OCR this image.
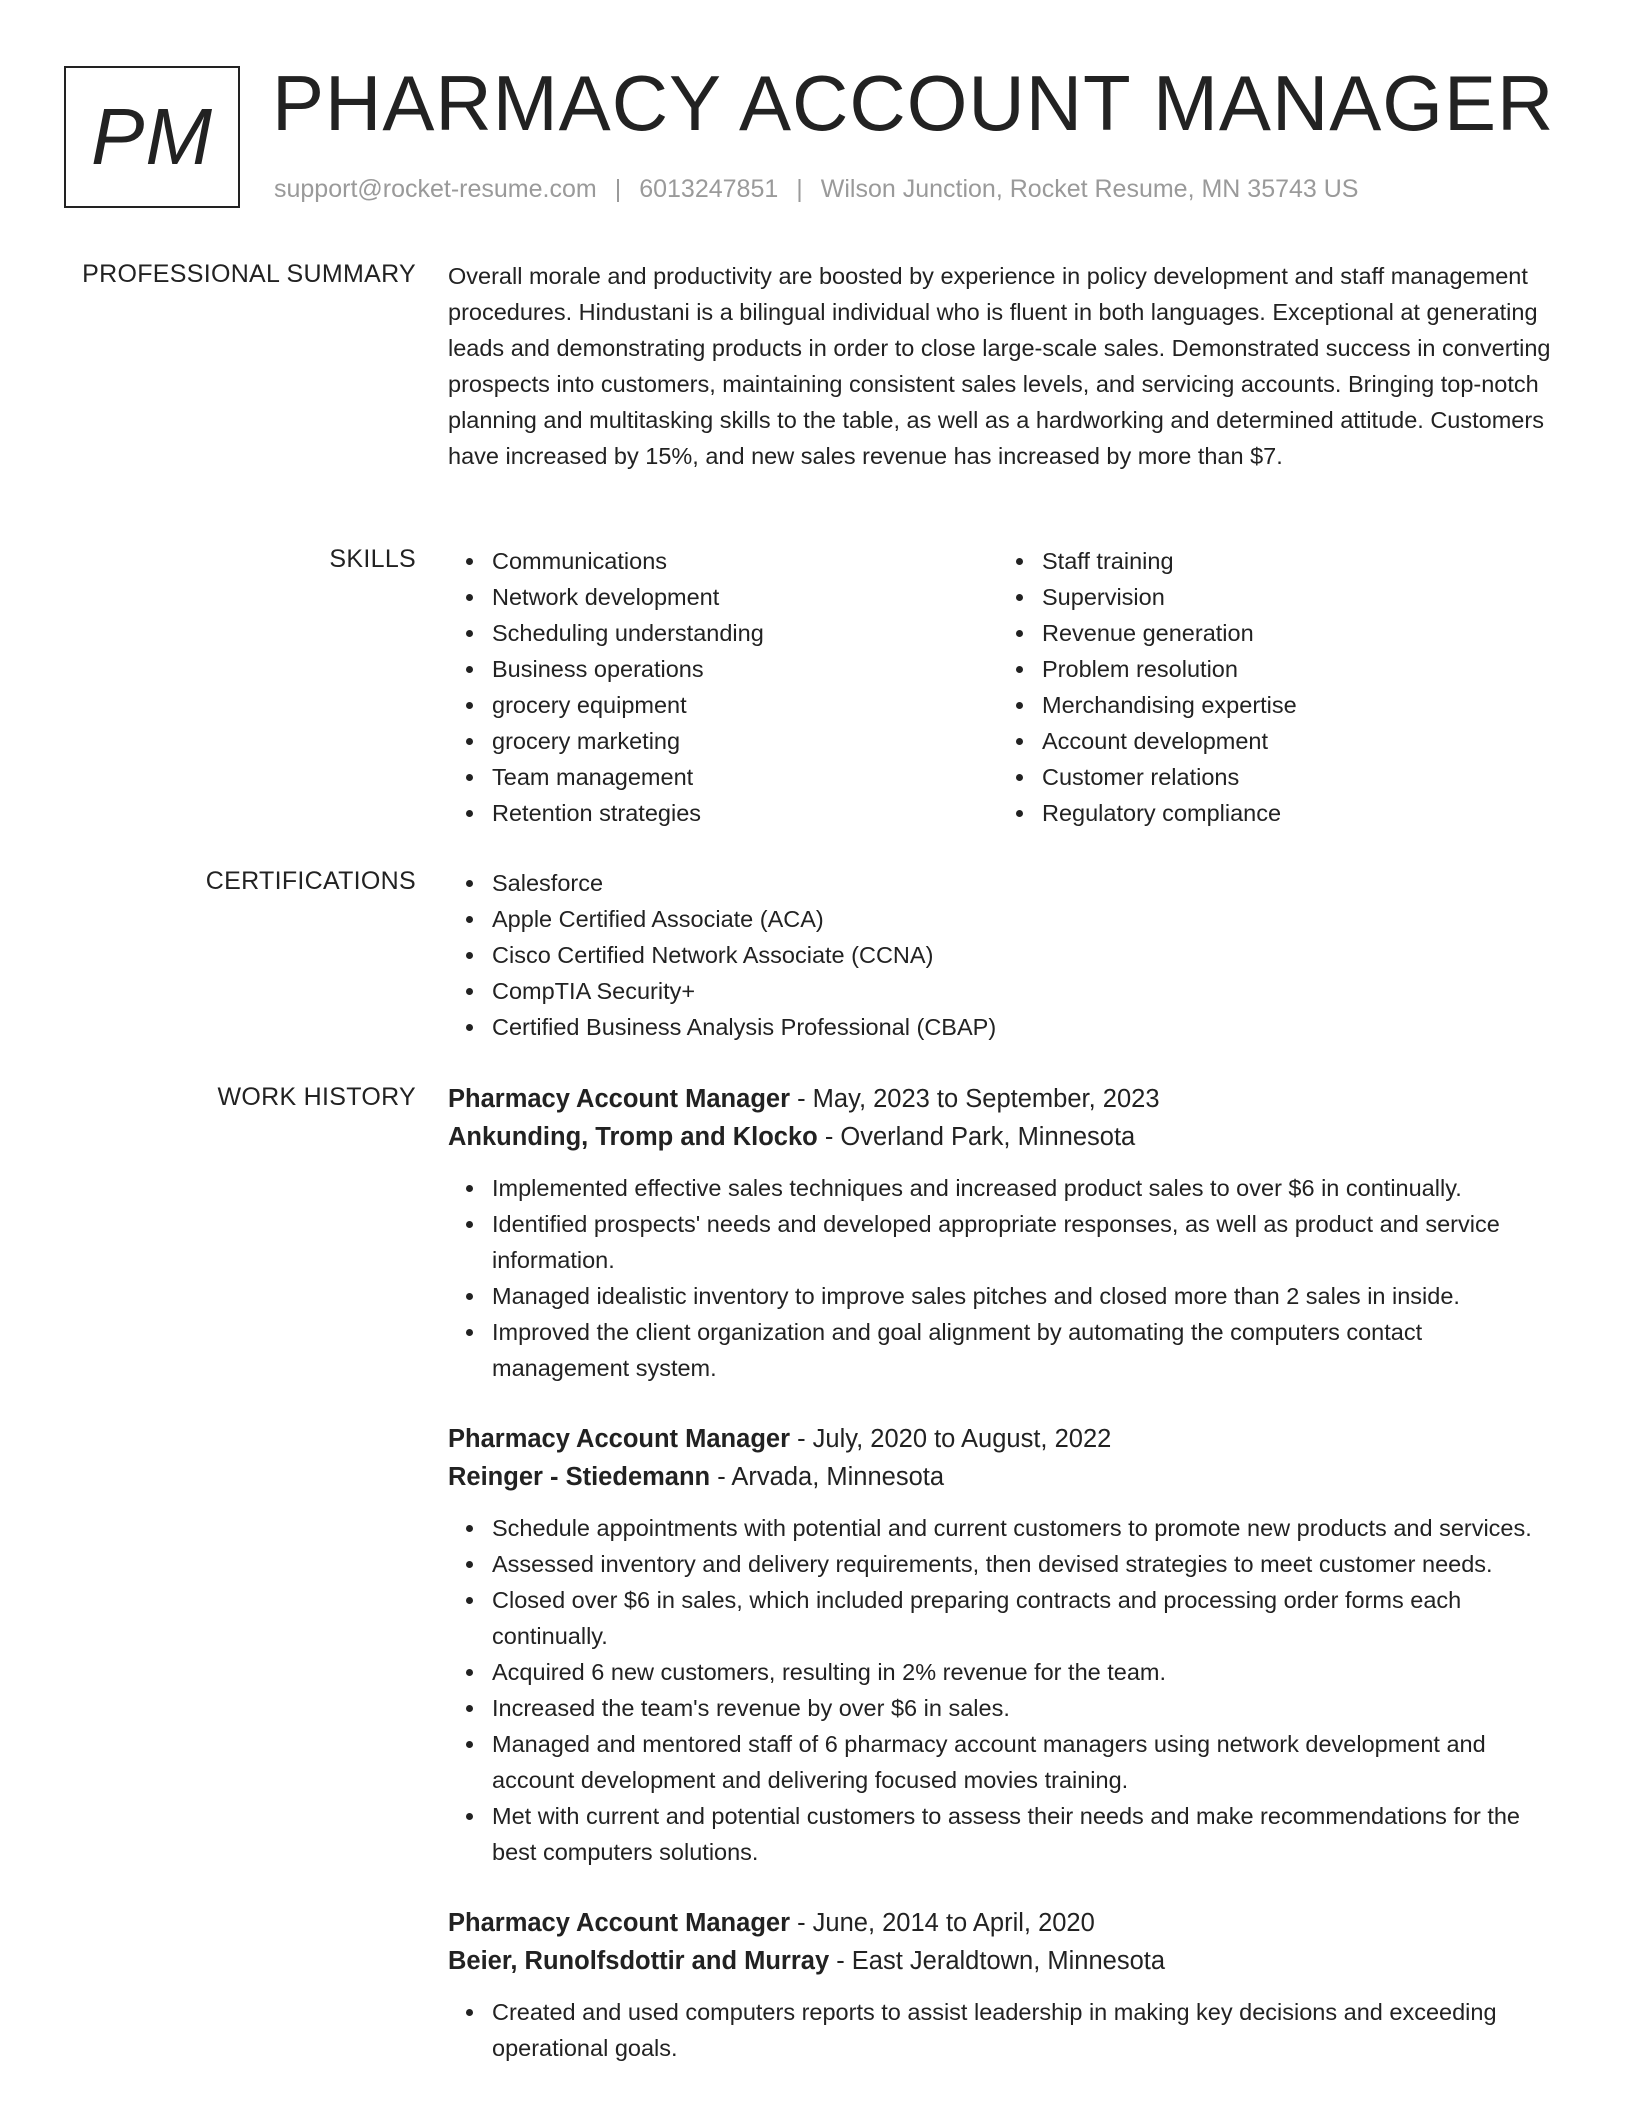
PM PHARMACY ACCOUNT MANAGER
support@rocket-resume.com | 6013247851 | Wilson Junction, Rocket Resume, MN 35743 US
PROFESSIONAL SUMMARY Overall morale and productivity are boosted by experience in policy development and staff management procedures. Hindustani is a bilingual individual who is fluent in both languages. Exceptional at generating leads and demonstrating products in order to close large-scale sales. Demonstrated success in converting prospects into customers, maintaining consistent sales levels, and servicing accounts. Bringing top-notch planning and multitasking skills to the table, as well as a hardworking and determined attitude. Customers have increased by 15%, and new sales revenue has increased by more than $7.

SKILLS	Communications
Network development
Scheduling understanding
Business operations
grocery equipment
grocery marketing
Team management
Retention strategies
Staff training
Supervision
Revenue generation
Problem resolution
Merchandising expertise
Account development
Customer relations
Regulatory compliance
CERTIFICATIONS	Salesforce
Apple Certified Associate (ACA)
Cisco Certified Network Associate (CCNA)
CompTIA Security+
Certified Business Analysis Professional (CBAP)
WORK HISTORY Pharmacy Account Manager - May, 2023 to September, 2023
Ankunding, Tromp and Klocko - Overland Park, Minnesota
Implemented effective sales techniques and increased product sales to over $6 in continually.
Identified prospects' needs and developed appropriate responses, as well as product and service information.
Managed idealistic inventory to improve sales pitches and closed more than 2 sales in inside.
Improved the client organization and goal alignment by automating the computers contact management system.
Pharmacy Account Manager - July, 2020 to August, 2022
Reinger - Stiedemann - Arvada, Minnesota
Schedule appointments with potential and current customers to promote new products and services.
Assessed inventory and delivery requirements, then devised strategies to meet customer needs.
Closed over $6 in sales, which included preparing contracts and processing order forms each continually.
Acquired 6 new customers, resulting in 2% revenue for the team.
Increased the team's revenue by over $6 in sales.
Managed and mentored staff of 6 pharmacy account managers using network development and account development and delivering focused movies training.
Met with current and potential customers to assess their needs and make recommendations for the best computers solutions.
Pharmacy Account Manager - June, 2014 to April, 2020
Beier, Runolfsdottir and Murray - East Jeraldtown, Minnesota
Created and used computers reports to assist leadership in making key decisions and exceeding operational goals.
